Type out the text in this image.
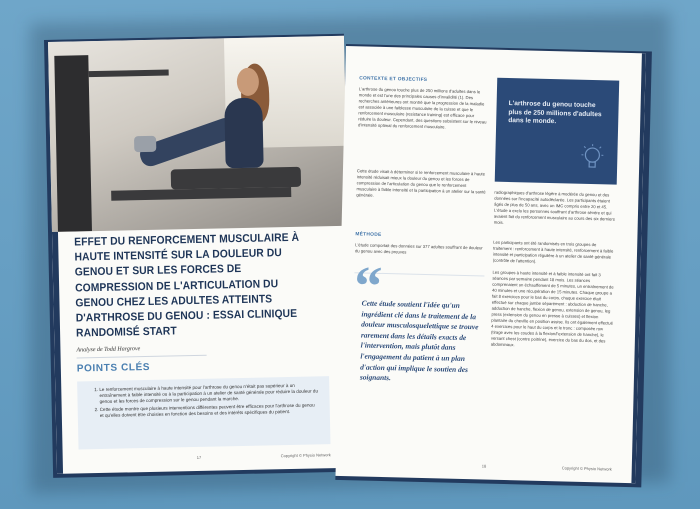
EFFET DU RENFORCEMENT MUSCULAIRE À HAUTE INTENSITÉ SUR LA DOULEUR DU GENOU ET SUR LES FORCES DE COMPRESSION DE L'ARTICULATION DU GENOU CHEZ LES ADULTES ATTEINTS D'ARTHROSE DU GENOU : ESSAI CLINIQUE RANDOMISÉ START
Analyse de Todd Hargrove
POINTS CLÉS
1. Le renforcement musculaire à haute intensité pour l'arthrose du genou n'était pas supérieur à un entraînement à faible intensité ou à la participation à un atelier de santé générale pour réduire la douleur du genou et les forces de compression sur le genou pendant la marche.
2. Cette étude montre que plusieurs interventions différentes peuvent être efficaces pour l'arthrose du genou et qu'elles doivent être choisies en fonction des besoins et des intérêts spécifiques du patient.
17	Copyright © Physio Network
CONTEXTE ET OBJECTIFS

L'arthrose du genou touche plus de 250 millions d'adultes dans le monde et est l'une des principales causes d'invalidité (1). Des recherches antérieures ont montré que la progression de la maladie est associée à une faiblesse musculaire de la cuisse et que le renforcement musculaire (resistance training) est efficace pour réduire la douleur. Cependant, des questions subsistent sur le niveau d'intensité optimal du renforcement musculaire.

Cette étude visait à déterminer si le renforcement musculaire à haute intensité réduisait mieux la douleur du genou et les forces de compression de l'articulation du genou que le renforcement musculaire à faible intensité et la participation à un atelier sur la santé générale.

MÉTHODE

L'étude comportait des données sur 377 adultes souffrant de douleur du genou avec des preuves

L'arthrose du genou touche plus de 250 millions d'adultes dans le monde.

radiographiques d'arthrose légère à modérée du genou et des données sur l'incapacité autodéclarée. Les participants étaient âgés de plus de 50 ans, avec un IMC compris entre 20 et 45. L'étude a exclu les personnes souffrant d'arthrose sévère et qui avaient fait du renforcement musculaire au cours des six derniers mois.

Les participants ont été randomisés en trois groupes de traitement : renforcement à haute intensité, renforcement à faible intensité et participation régulière à un atelier de santé générale (contrôle de l'attention).

Les groupes à haute intensité et à faible intensité ont fait 3 séances par semaine pendant 18 mois. Les séances comprenaient un échauffement de 5 minutes, un entraînement de 40 minutes et une récupération de 15 minutes. Chaque groupe a fait 8 exercices pour le bas du corps, chaque exercice était effectué sur chaque jambe séparément : abduction de hanche, adduction de hanche, flexion de genou, extension de genou, leg press (extension du genou en presse à cuisses) et flexion plantaire du cheville en position assise. Ils ont également effectué 4 exercices pour le haut du corps et le tronc : composée row (tirage avec les coudes à la flexion/l'extension de hanche), le versant chest (contre poitrine), exercice du bas du dos, et des abdominaux.

“
Cette étude soutient l'idée qu'un ingrédient clé dans le traitement de la douleur musculosquelettique se trouve rarement dans les détails exacts de l'intervention, mais plutôt dans l'engagement du patient à un plan d'action qui implique le soutien des soignants.
18	Copyright © Physio Network
